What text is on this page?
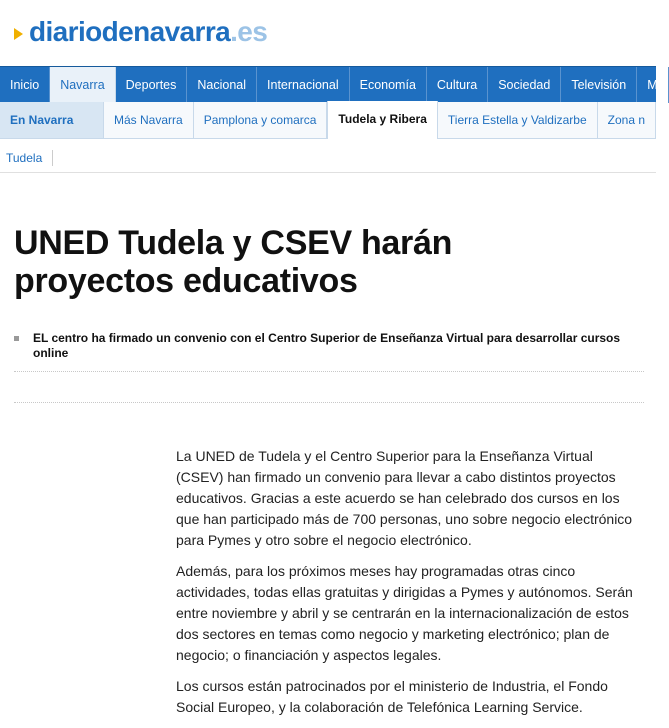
diariodenavarra .es
Inicio	Navarra	Deportes	Nacional	Internacional	Economía	Cultura	Sociedad	Televisión	M
En Navarra	Más Navarra	Pamplona y comarca	Tudela y Ribera	Tierra Estella y Valdizarbe	Zona n
Tudela
UNED Tudela y CSEV harán proyectos educativos
EL centro ha firmado un convenio con el Centro Superior de Enseñanza Virtual para desarrollar cursos online

La UNED de Tudela y el Centro Superior para la Enseñanza Virtual (CSEV) han firmado un convenio para llevar a cabo distintos proyectos educativos. Gracias a este acuerdo se han celebrado dos cursos en los que han participado más de 700 personas, uno sobre negocio electrónico para Pymes y otro sobre el negocio electrónico.

Además, para los próximos meses hay programadas otras cinco actividades, todas ellas gratuitas y dirigidas a Pymes y autónomos. Serán entre noviembre y abril y se centrarán en la internacionalización de estos dos sectores en temas como negocio y marketing electrónico; plan de negocio; o financiación y aspectos legales.

Los cursos están patrocinados por el ministerio de Industria, el Fondo Social Europeo, y la colaboración de Telefónica Learning Service.
